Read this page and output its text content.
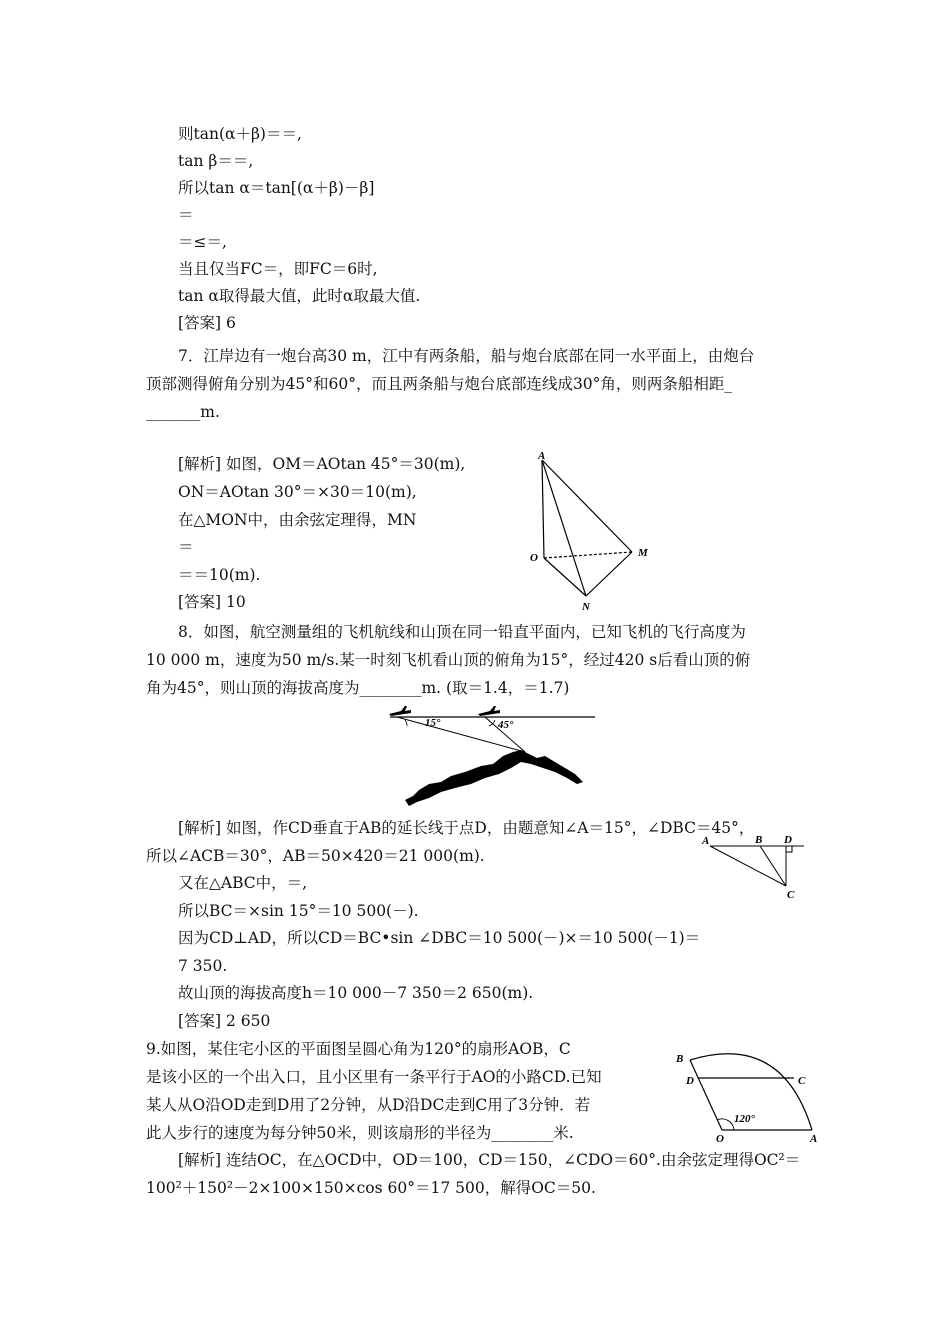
则tan(α＋β)＝＝,
tan β＝＝,
所以tan α＝tan[(α＋β)－β]
＝
＝≤＝,
当且仅当FC＝，即FC＝6时,
tan α取得最大值，此时α取最大值.
[答案] 6
7．江岸边有一炮台高30 m，江中有两条船，船与炮台底部在同一水平面上，由炮台
顶部测得俯角分别为45°和60°，而且两条船与炮台底部连线成30°角，则两条船相距_
_______m.
[解析] 如图，OM＝AOtan 45°＝30(m),
ON＝AOtan 30°＝×30＝10(m),
在△MON中，由余弦定理得，MN
＝
＝＝10(m).
[答案] 10
A
O	M
N
8．如图，航空测量组的飞机航线和山顶在同一铅直平面内，已知飞机的飞行高度为
10 000 m，速度为50 m/s.某一时刻飞机看山顶的俯角为15°，经过420 s后看山顶的俯
角为45°，则山顶的海拔高度为________m. (取＝1.4，＝1.7)
15°	45°
[解析] 如图，作CD垂直于AB的延长线于点D，由题意知∠A＝15°，∠DBC＝45°，
所以∠ACB＝30°，AB＝50×420＝21 000(m).
又在△ABC中，＝,
所以BC＝×sin 15°＝10 500(－).
因为CD⊥AD，所以CD＝BC•sin ∠DBC＝10 500(－)×＝10 500(－1)＝
7 350.
故山顶的海拔高度h＝10 000－7 350＝2 650(m).
[答案] 2 650
A	B D
C
9.如图，某住宅小区的平面图呈圆心角为120°的扇形AOB，C
是该小区的一个出入口，且小区里有一条平行于AO的小路CD.已知
某人从O沿OD走到D用了2分钟，从D沿DC走到C用了3分钟．若
此人步行的速度为每分钟50米，则该扇形的半径为________米.
[解析] 连结OC，在△OCD中，OD＝100，CD＝150，∠CDO＝60°.由余弦定理得OC²＝
100²＋150²－2×100×150×cos 60°＝17 500，解得OC＝50.
B
D	C
O	A
120°
